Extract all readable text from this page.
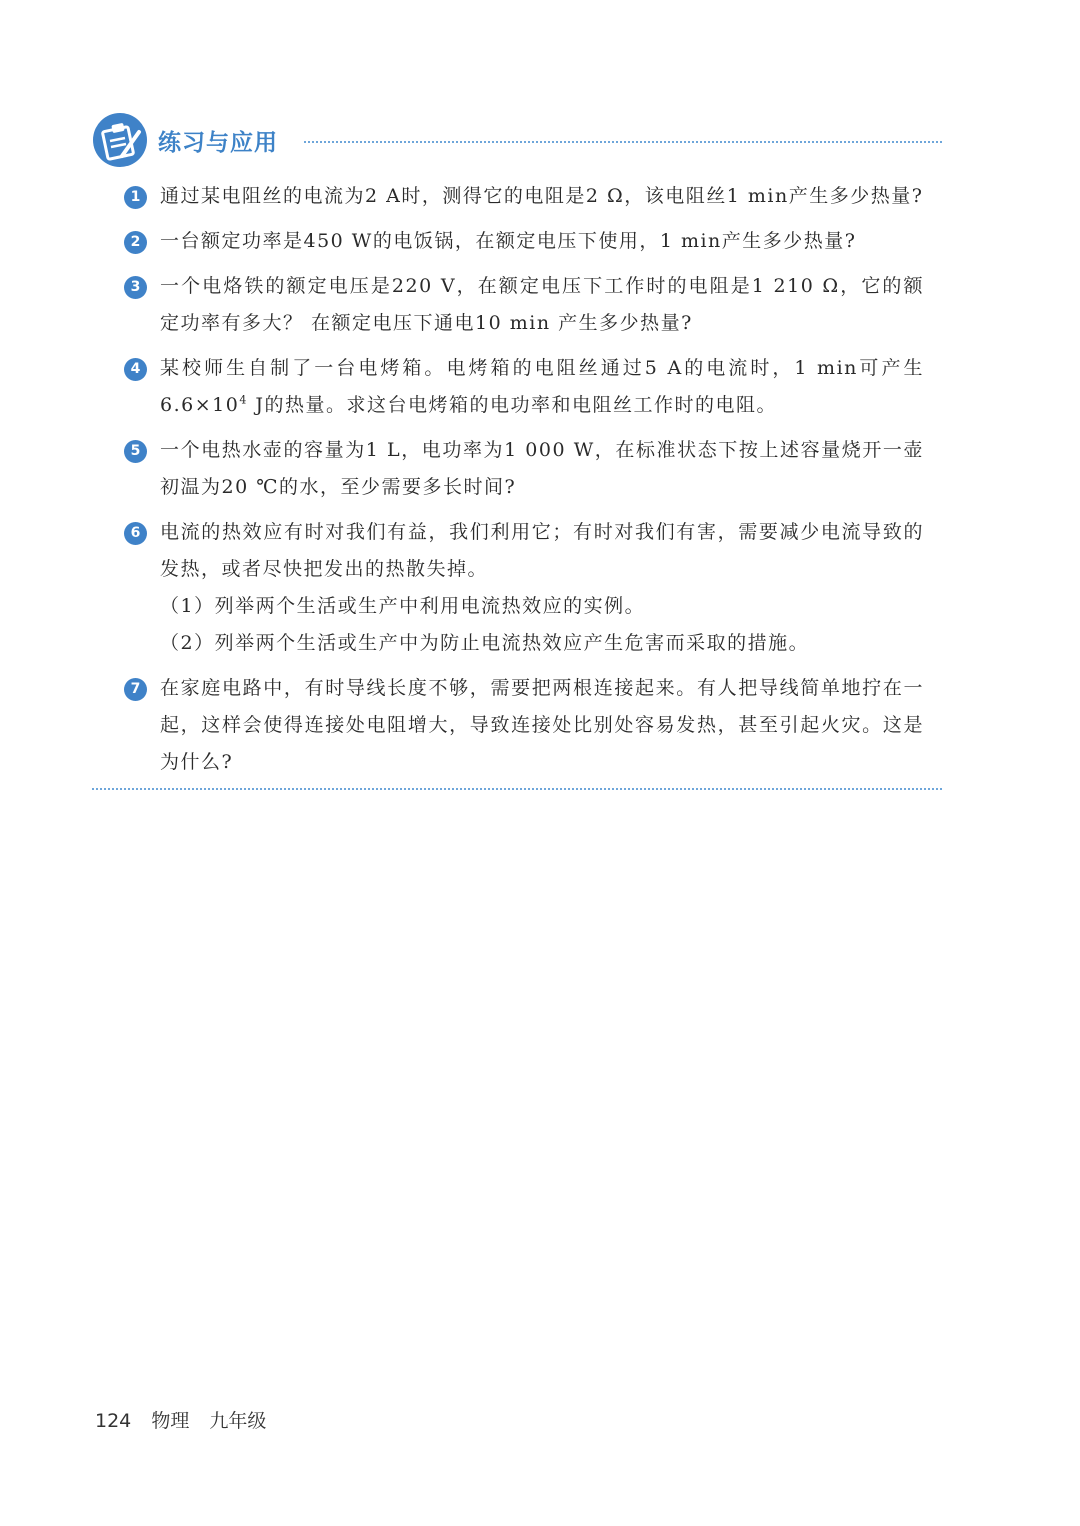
练习与应用
1	通过某电阻丝的电流为2 A时，测得它的电阻是2 Ω，该电阻丝1 min产生多少热量?
2	一台额定功率是450 W的电饭锅，在额定电压下使用，1 min产生多少热量?
3	一个电烙铁的额定电压是220 V，在额定电压下工作时的电阻是1 210 Ω，它的额定功率有多大？ 在额定电压下通电10 min 产生多少热量?
4	某校师生自制了一台电烤箱。电烤箱的电阻丝通过5 A的电流时，1 min可产生$6.6\times 10^4$ J的热量。求这台电烤箱的电功率和电阻丝工作时的电阻。
5	一个电热水壶的容量为1 L，电功率为1 000 W，在标准状态下按上述容量烧开一壶初温为20 ℃的水，至少需要多长时间?
6	电流的热效应有时对我们有益，我们利用它；有时对我们有害，需要减少电流导致的发热，或者尽快把发出的热散失掉。
（1）列举两个生活或生产中利用电流热效应的实例。
（2）列举两个生活或生产中为防止电流热效应产生危害而采取的措施。
7	在家庭电路中，有时导线长度不够，需要把两根连接起来。有人把导线简单地拧在一起，这样会使得连接处电阻增大，导致连接处比别处容易发热，甚至引起火灾。这是为什么?
124 物理 九年级
